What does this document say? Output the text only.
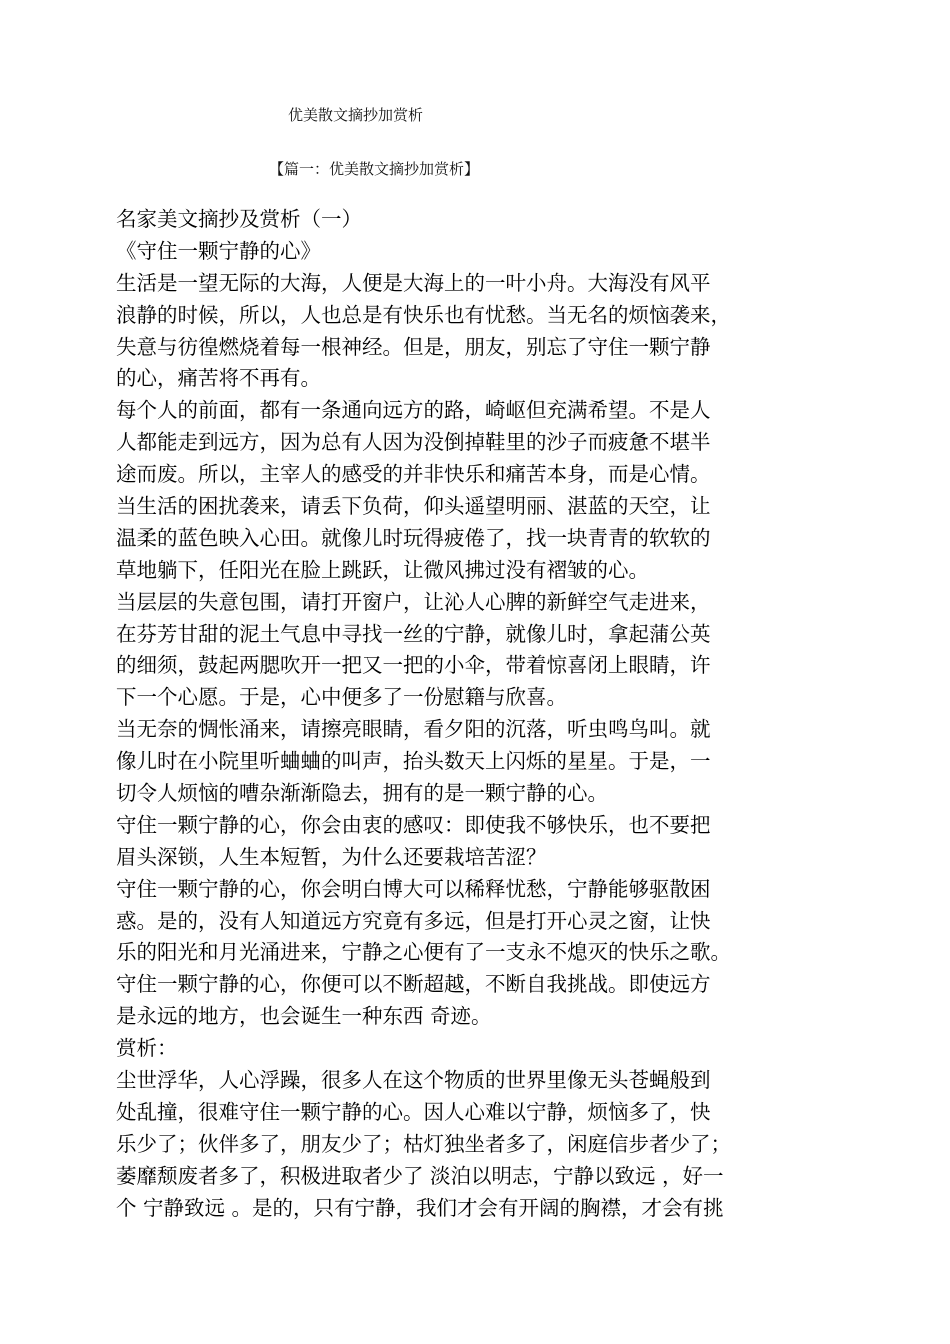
优美散文摘抄加赏析

【篇一：优美散文摘抄加赏析】

名家美文摘抄及赏析（一）

《守住一颗宁静的心》

生活是一望无际的大海，人便是大海上的一叶小舟。大海没有风平

浪静的时候，所以，人也总是有快乐也有忧愁。当无名的烦恼袭来，

失意与彷徨燃烧着每一根神经。但是，朋友，别忘了守住一颗宁静

的心，痛苦将不再有。

每个人的前面，都有一条通向远方的路，崎岖但充满希望。不是人

人都能走到远方，因为总有人因为没倒掉鞋里的沙子而疲惫不堪半

途而废。所以，主宰人的感受的并非快乐和痛苦本身，而是心情。

当生活的困扰袭来，请丢下负荷，仰头遥望明丽、湛蓝的天空，让

温柔的蓝色映入心田。就像儿时玩得疲倦了，找一块青青的软软的

草地躺下，任阳光在脸上跳跃，让微风拂过没有褶皱的心。

当层层的失意包围，请打开窗户，让沁人心脾的新鲜空气走进来，

在芬芳甘甜的泥土气息中寻找一丝的宁静，就像儿时，拿起蒲公英

的细须，鼓起两腮吹开一把又一把的小伞，带着惊喜闭上眼睛，许

下一个心愿。于是，心中便多了一份慰籍与欣喜。

当无奈的惆怅涌来，请擦亮眼睛，看夕阳的沉落，听虫鸣鸟叫。就

像儿时在小院里听蛐蛐的叫声，抬头数天上闪烁的星星。于是，一

切令人烦恼的嘈杂渐渐隐去，拥有的是一颗宁静的心。

守住一颗宁静的心，你会由衷的感叹：即使我不够快乐，也不要把

眉头深锁，人生本短暂，为什么还要栽培苦涩？

守住一颗宁静的心，你会明白博大可以稀释忧愁，宁静能够驱散困

惑。是的，没有人知道远方究竟有多远，但是打开心灵之窗，让快

乐的阳光和月光涌进来，宁静之心便有了一支永不熄灭的快乐之歌。

守住一颗宁静的心，你便可以不断超越，不断自我挑战。即使远方

是永远的地方，也会诞生一种东西 奇迹。

赏析：

尘世浮华，人心浮躁，很多人在这个物质的世界里像无头苍蝇般到

处乱撞，很难守住一颗宁静的心。因人心难以宁静，烦恼多了，快

乐少了；伙伴多了，朋友少了；枯灯独坐者多了，闲庭信步者少了；

萎靡颓废者多了，积极进取者少了 淡泊以明志，宁静以致远 ，好一

个 宁静致远 。是的，只有宁静，我们才会有开阔的胸襟，才会有挑
